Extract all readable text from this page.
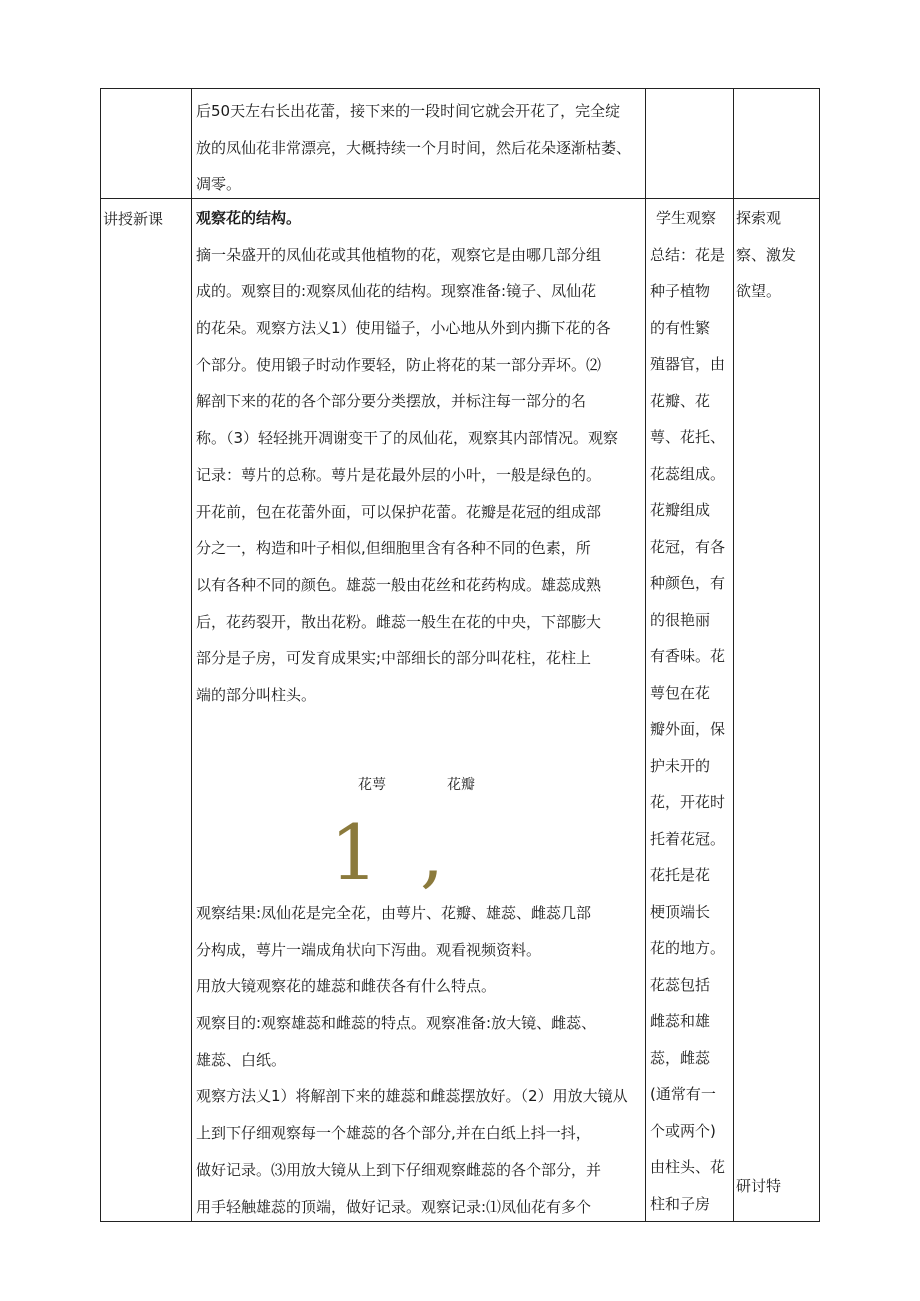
后50天左右长出花蕾，接下来的一段时间它就会开花了，完全绽
放的凤仙花非常漂亮，大概持续一个月时间，然后花朵逐渐枯萎、
凋零。
讲授新课 观察花的结构。
摘一朵盛开的凤仙花或其他植物的花，观察它是由哪几部分组
成的。观察目的:观察凤仙花的结构。现察准备:镜子、凤仙花
的花朵。观察方法乂1）使用镒子，小心地从外到内撕下花的各
个部分。使用锻子时动作要轻，防止将花的某一部分弄坏。⑵
解剖下来的花的各个部分要分类摆放，并标注每一部分的名
称。（3）轻轻挑开凋谢变干了的凤仙花，观察其内部情况。观察
记录：萼片的总称。萼片是花最外层的小叶，一般是绿色的。
开花前，包在花蕾外面，可以保护花蕾。花瓣是花冠的组成部
分之一，构造和叶子相似,但细胞里含有各种不同的色素，所
以有各种不同的颜色。雄蕊一般由花丝和花药构成。雄蕊成熟
后，花药裂开，散出花粉。雌蕊一般生在花的中央，下部膨大
部分是子房，可发育成果实;中部细长的部分叫花柱，花柱上
端的部分叫柱头。
花萼	花瓣
1 ,
观察结果:凤仙花是完全花，由萼片、花瓣、雄蕊、雌蕊几部
分构成，萼片一端成角状向下泻曲。观看视频资料。
用放大镜观察花的雄蕊和雌茯各有什么特点。
观察目的:观察雄蕊和雌蕊的特点。观察准备:放大镜、雌蕊、
雄蕊、白纸。
观察方法乂1）将解剖下来的雄蕊和雌蕊摆放好。（2）用放大镜从
上到下仔细观察每一个雄蕊的各个部分,并在白纸上抖一抖，
做好记录。⑶用放大镜从上到下仔细观察雌蕊的各个部分，并
用手轻触雄蕊的顶端，做好记录。观察记录:⑴凤仙花有多个
学生观察
总结：花是
种子植物
的有性繁
殖器官，由
花瓣、花
萼、花托、
花蕊组成。
花瓣组成
花冠，有各
种颜色，有
的很艳丽
有香味。花
萼包在花
瓣外面，保
护未开的
花，开花时
托着花冠。
花托是花
梗顶端长
花的地方。
花蕊包括
雌蕊和雄
蕊，雌蕊
(通常有一
个或两个)
由柱头、花
柱和子房
探索观
察、激发
欲望。
研讨特
